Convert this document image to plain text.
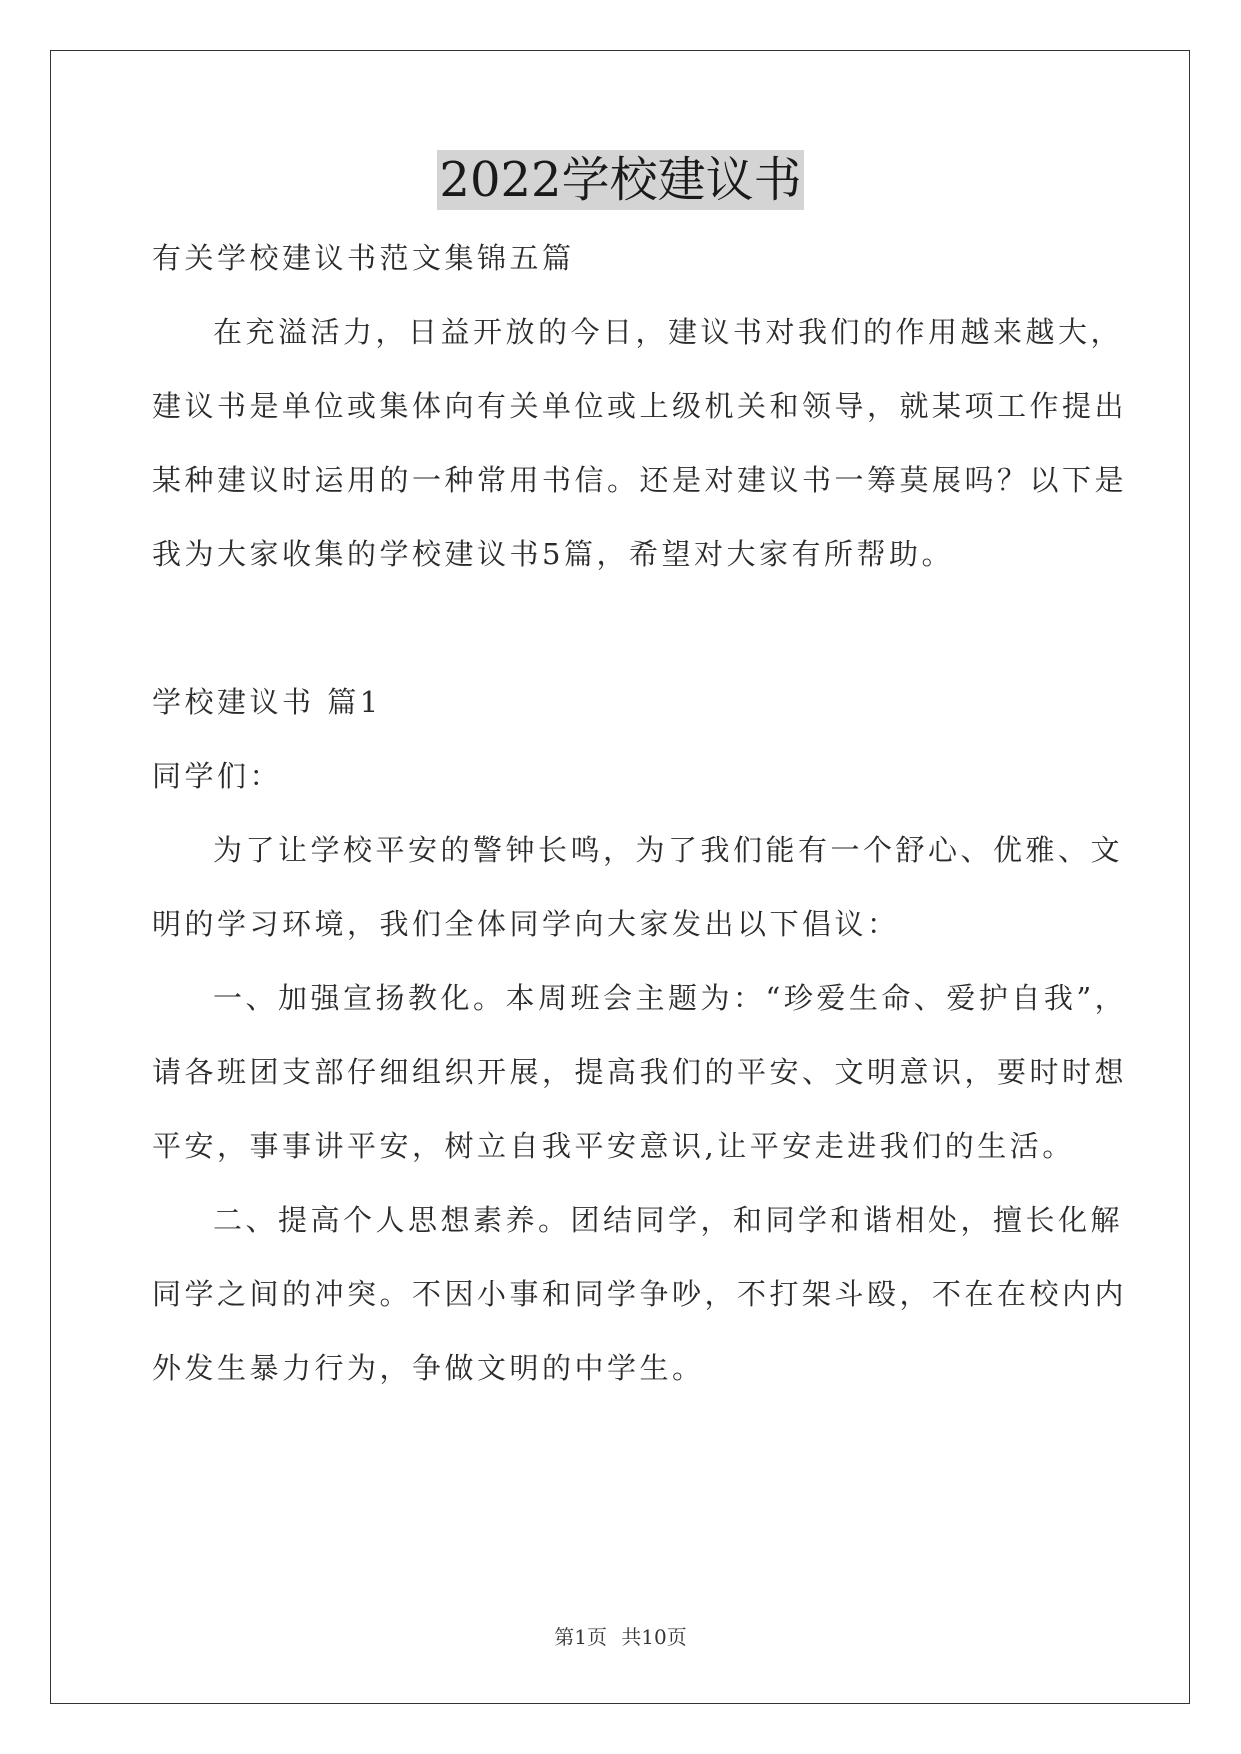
2022学校建议书
有关学校建议书范文集锦五篇
在充溢活力，日益开放的今日，建议书对我们的作用越来越大，
建议书是单位或集体向有关单位或上级机关和领导，就某项工作提出
某种建议时运用的一种常用书信。还是对建议书一筹莫展吗？以下是
我为大家收集的学校建议书5篇，希望对大家有所帮助。
学校建议书 篇1
同学们：
为了让学校平安的警钟长鸣，为了我们能有一个舒心、优雅、文
明的学习环境，我们全体同学向大家发出以下倡议：
一、加强宣扬教化。本周班会主题为：“珍爱生命、爱护自我”，
请各班团支部仔细组织开展，提高我们的平安、文明意识，要时时想
平安，事事讲平安，树立自我平安意识,让平安走进我们的生活。
二、提高个人思想素养。团结同学，和同学和谐相处，擅长化解
同学之间的冲突。不因小事和同学争吵，不打架斗殴，不在在校内内
外发生暴力行为，争做文明的中学生。
第1页 共10页
